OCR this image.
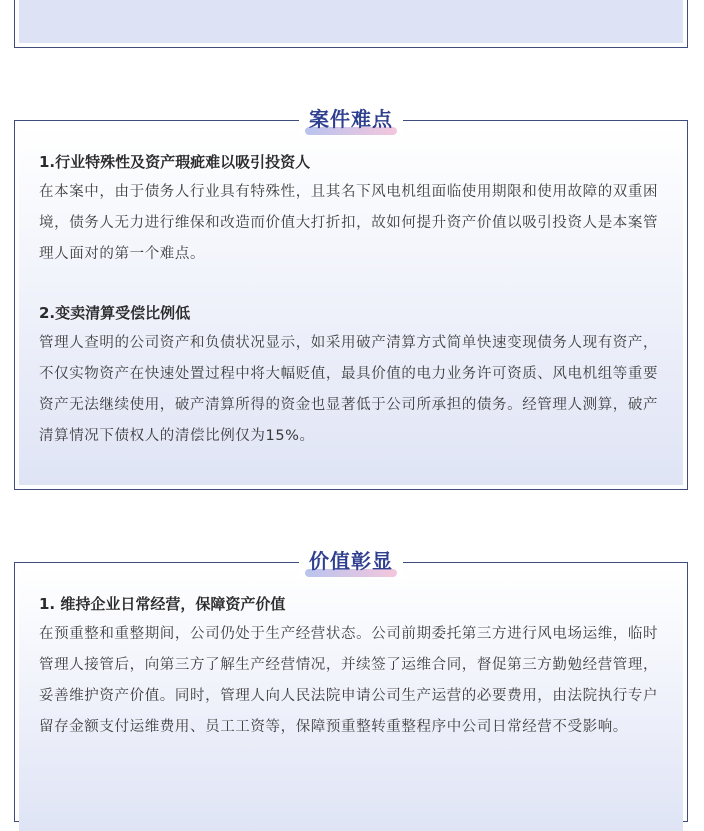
案件难点

1.行业特殊性及资产瑕疵难以吸引投资人

在本案中，由于债务人行业具有特殊性，且其名下风电机组面临使用期限和使用故障的双重困境，债务人无力进行维保和改造而价值大打折扣，故如何提升资产价值以吸引投资人是本案管理人面对的第一个难点。

2.变卖清算受偿比例低

管理人查明的公司资产和负债状况显示，如采用破产清算方式简单快速变现债务人现有资产，不仅实物资产在快速处置过程中将大幅贬值，最具价值的电力业务许可资质、风电机组等重要资产无法继续使用，破产清算所得的资金也显著低于公司所承担的债务。经管理人测算，破产清算情况下债权人的清偿比例仅为15%。

价值彰显

1. 维持企业日常经营，保障资产价值

在预重整和重整期间，公司仍处于生产经营状态。公司前期委托第三方进行风电场运维，临时管理人接管后，向第三方了解生产经营情况，并续签了运维合同，督促第三方勤勉经营管理，妥善维护资产价值。同时，管理人向人民法院申请公司生产运营的必要费用，由法院执行专户留存金额支付运维费用、员工工资等，保障预重整转重整程序中公司日常经营不受影响。
